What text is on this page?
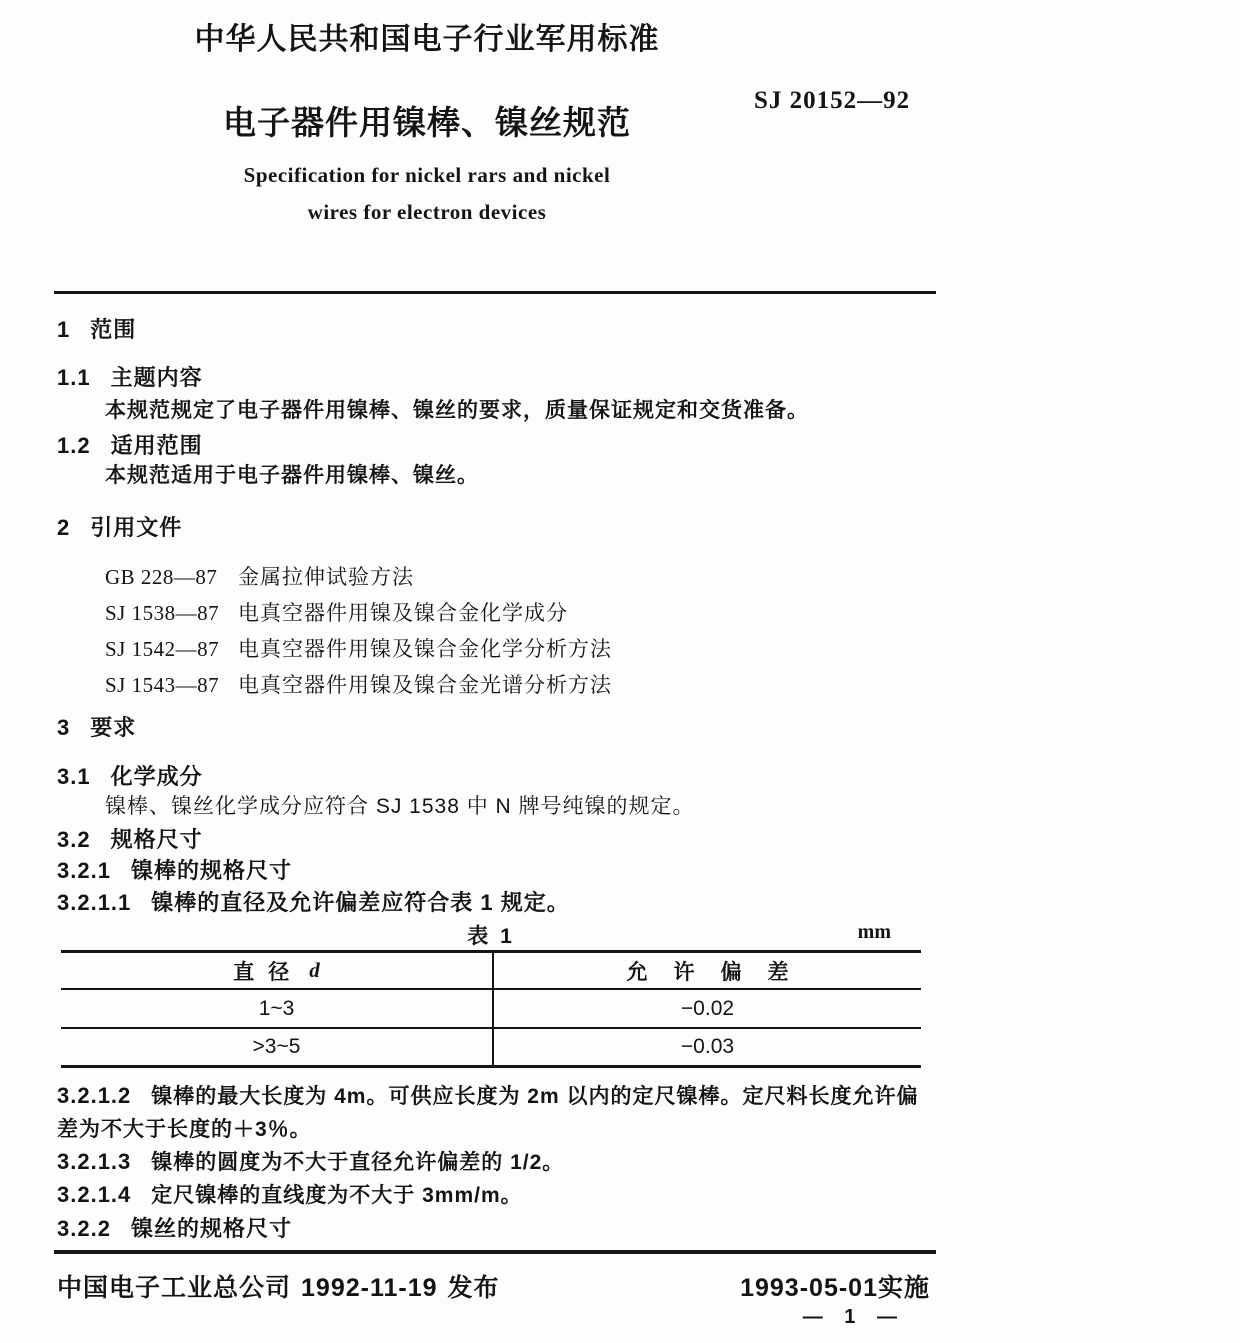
中华人民共和国电子行业军用标准
SJ 20152—92
电子器件用镍棒、镍丝规范
Specification for nickel rars and nickel
wires for electron devices
1 范围
1.1 主题内容
本规范规定了电子器件用镍棒、镍丝的要求，质量保证规定和交货准备。
1.2 适用范围
本规范适用于电子器件用镍棒、镍丝。
2 引用文件
GB 228—87 金属拉伸试验方法
SJ 1538—87 电真空器件用镍及镍合金化学成分
SJ 1542—87 电真空器件用镍及镍合金化学分析方法
SJ 1543—87 电真空器件用镍及镍合金光谱分析方法
3 要求
3.1 化学成分
镍棒、镍丝化学成分应符合 SJ 1538 中 N 牌号纯镍的规定。
3.2 规格尺寸
3.2.1 镍棒的规格尺寸
3.2.1.1 镍棒的直径及允许偏差应符合表 1 规定。
表 1	mm
直径 d	允许偏差
1~3	−0.02
>3~5	−0.03
3.2.1.2 镍棒的最大长度为 4m。可供应长度为 2m 以内的定尺镍棒。定尺料长度允许偏差为不大于长度的＋3％。
3.2.1.3 镍棒的圆度为不大于直径允许偏差的 1/2。
3.2.1.4 定尺镍棒的直线度为不大于 3mm/m。
3.2.2 镍丝的规格尺寸
中国电子工业总公司 1992-11-19 发布	1993-05-01实施
— 1 —
